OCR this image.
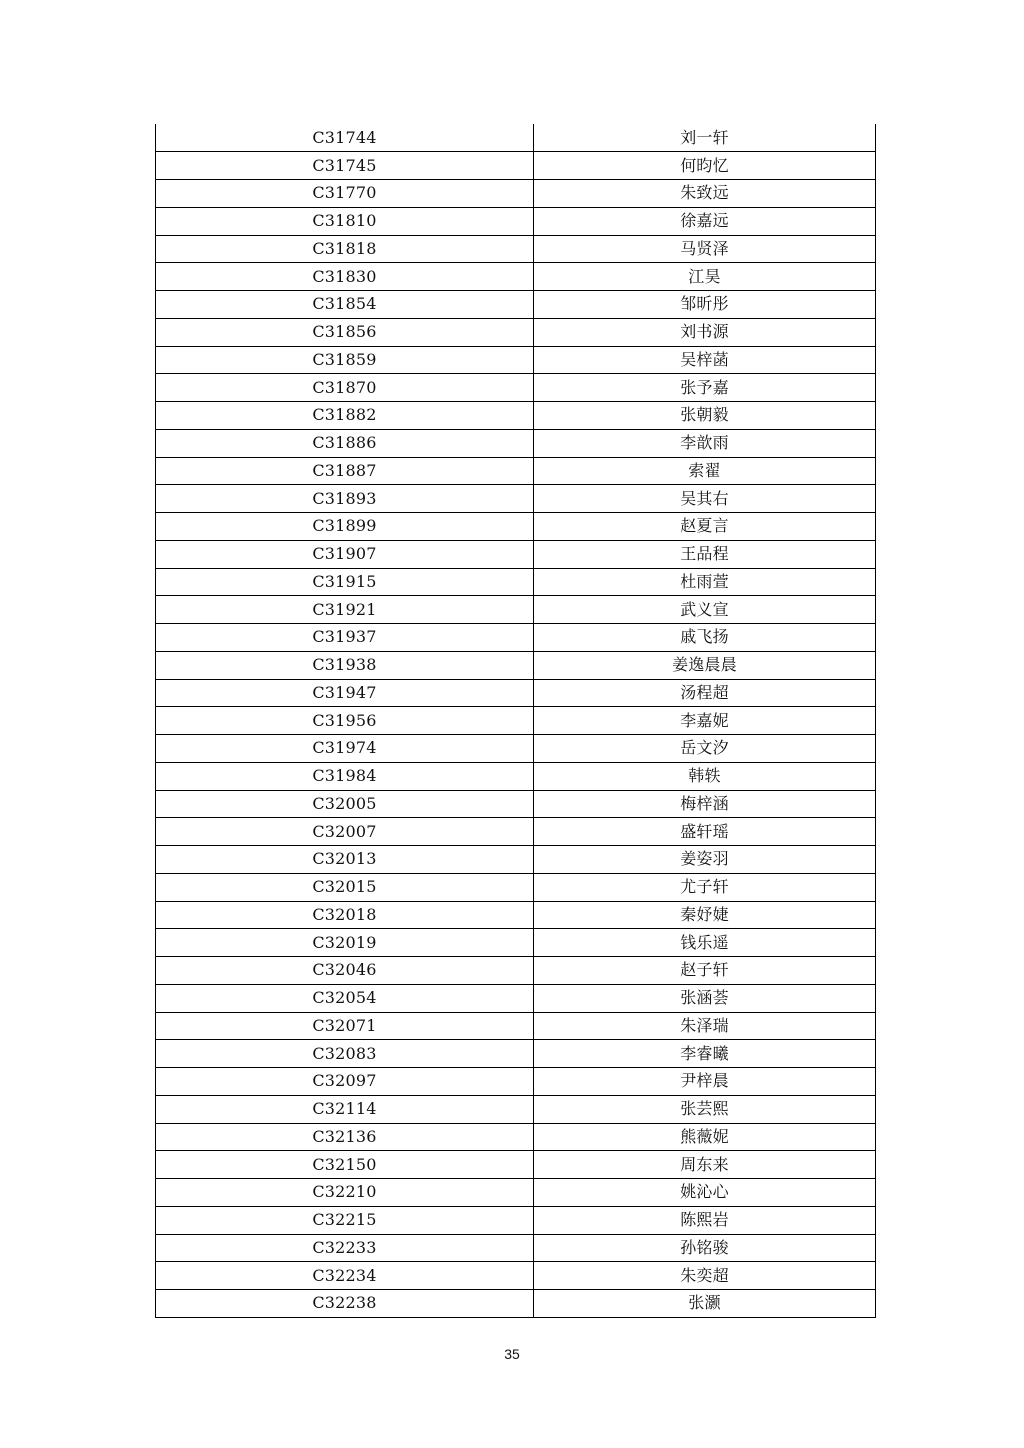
C31744	刘一轩
C31745	何昀忆
C31770	朱致远
C31810	徐嘉远
C31818	马贤泽
C31830	江昊
C31854	邹昕彤
C31856	刘书源
C31859	吴梓菡
C31870	张予嘉
C31882	张朝毅
C31886	李歆雨
C31887	索翟
C31893	吴其右
C31899	赵夏言
C31907	王品程
C31915	杜雨萱
C31921	武义宣
C31937	戚飞扬
C31938	姜逸晨晨
C31947	汤程超
C31956	李嘉妮
C31974	岳文汐
C31984	韩轶
C32005	梅梓涵
C32007	盛轩瑶
C32013	姜姿羽
C32015	尤子轩
C32018	秦妤婕
C32019	钱乐遥
C32046	赵子轩
C32054	张涵荟
C32071	朱泽瑞
C32083	李睿曦
C32097	尹梓晨
C32114	张芸熙
C32136	熊薇妮
C32150	周东来
C32210	姚沁心
C32215	陈熙岩
C32233	孙铭骏
C32234	朱奕超
C32238	张灏
35
